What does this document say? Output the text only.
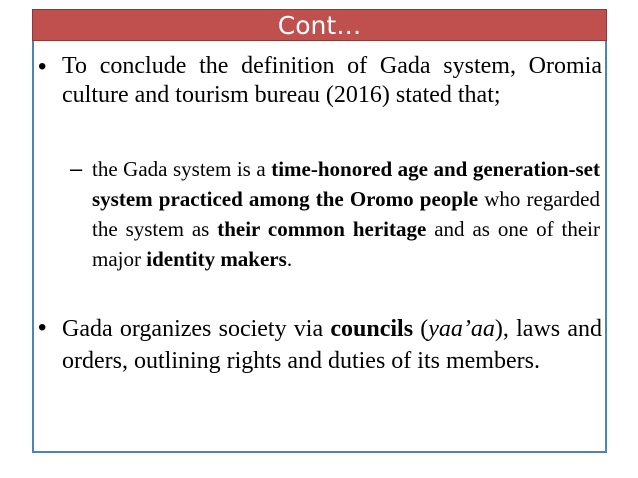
Cont…
• To conclude the definition of Gada system, Oromia culture and tourism bureau (2016) stated that;
– the Gada system is a time-honored age and generation-set system practiced among the Oromo people who regarded the system as their common heritage and as one of their major identity makers.
• Gada organizes society via councils (yaa’aa), laws and orders, outlining rights and duties of its members.
